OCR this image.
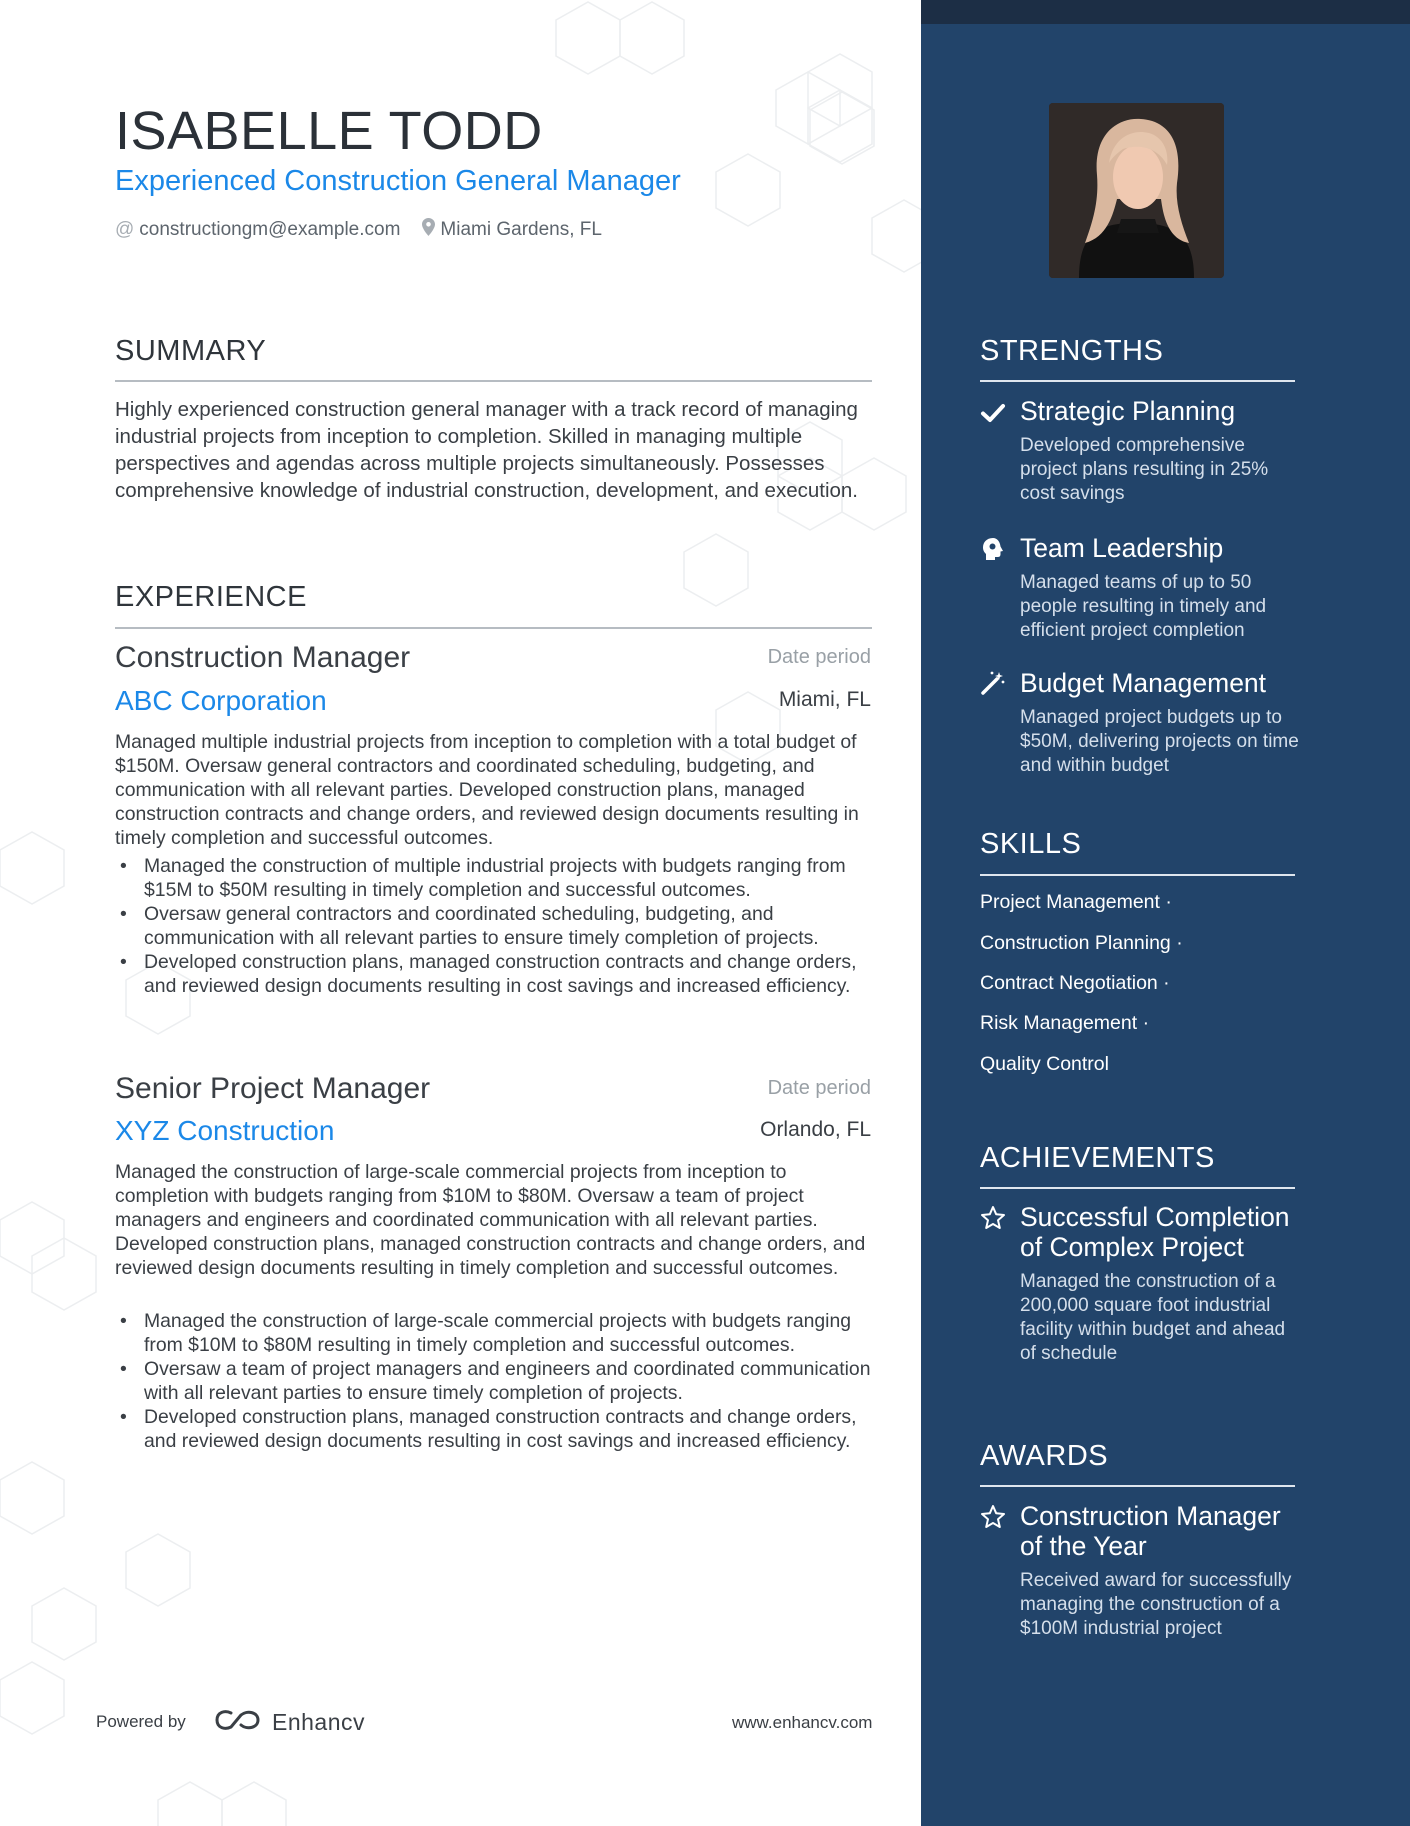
ISABELLE TODD
Experienced Construction General Manager
@ constructiongm@example.com Miami Gardens, FL
SUMMARY
Highly experienced construction general manager with a track record of managing industrial projects from inception to completion. Skilled in managing multiple perspectives and agendas across multiple projects simultaneously. Possesses comprehensive knowledge of industrial construction, development, and execution.
EXPERIENCE
Construction Manager	Date period
ABC Corporation	Miami, FL
Managed multiple industrial projects from inception to completion with a total budget of $150M. Oversaw general contractors and coordinated scheduling, budgeting, and communication with all relevant parties. Developed construction plans, managed construction contracts and change orders, and reviewed design documents resulting in timely completion and successful outcomes.
• Managed the construction of multiple industrial projects with budgets ranging from $15M to $50M resulting in timely completion and successful outcomes.
• Oversaw general contractors and coordinated scheduling, budgeting, and communication with all relevant parties to ensure timely completion of projects.
• Developed construction plans, managed construction contracts and change orders, and reviewed design documents resulting in cost savings and increased efficiency.
Senior Project Manager	Date period
XYZ Construction	Orlando, FL
Managed the construction of large-scale commercial projects from inception to completion with budgets ranging from $10M to $80M. Oversaw a team of project managers and engineers and coordinated communication with all relevant parties. Developed construction plans, managed construction contracts and change orders, and reviewed design documents resulting in timely completion and successful outcomes.
• Managed the construction of large-scale commercial projects with budgets ranging from $10M to $80M resulting in timely completion and successful outcomes.
• Oversaw a team of project managers and engineers and coordinated communication with all relevant parties to ensure timely completion of projects.
• Developed construction plans, managed construction contracts and change orders, and reviewed design documents resulting in cost savings and increased efficiency.
Powered by	Enhancv	www.enhancv.com
STRENGTHS
Strategic Planning
Developed comprehensive project plans resulting in 25% cost savings
Team Leadership
Managed teams of up to 50 people resulting in timely and efficient project completion
Budget Management
Managed project budgets up to $50M, delivering projects on time and within budget
SKILLS
Project Management ·
Construction Planning ·
Contract Negotiation ·
Risk Management ·
Quality Control
ACHIEVEMENTS
Successful Completion of Complex Project
Managed the construction of a 200,000 square foot industrial facility within budget and ahead of schedule
AWARDS
Construction Manager of the Year
Received award for successfully managing the construction of a $100M industrial project
